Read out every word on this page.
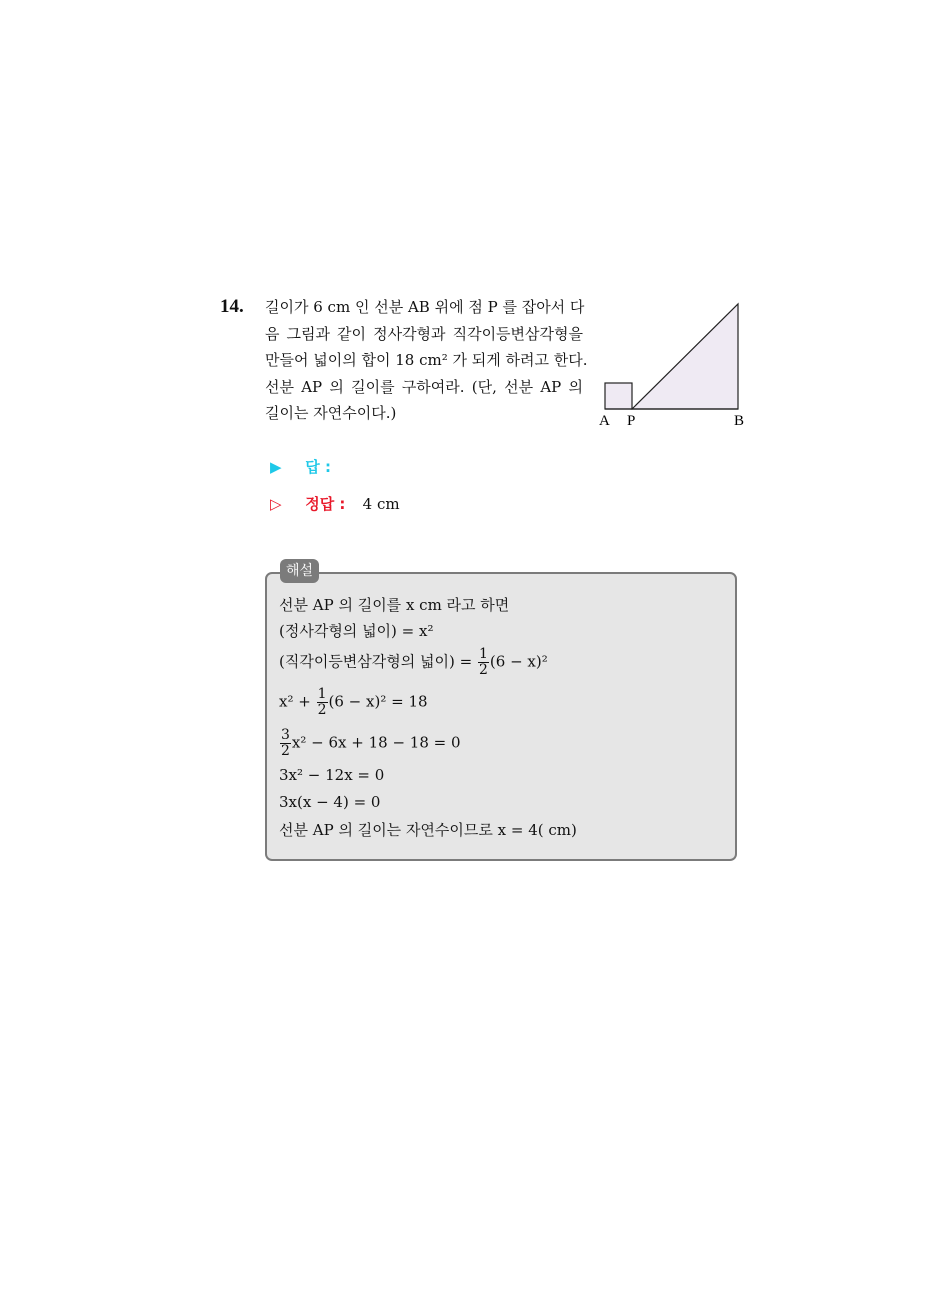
14. 길이가 6 cm 인 선분 AB 위에 점 P 를 잡아서 다
음 그림과 같이 정사각형과 직각이등변삼각형을
만들어 넓이의 합이 18 cm² 가 되게 하려고 한다.
선분 AP 의 길이를 구하여라. (단, 선분 AP 의
길이는 자연수이다.)	A P	B
▶ 답 :
▷ 정답 : 4 cm
해설
선분 AP 의 길이를 x cm 라고 하면
(정사각형의 넓이) = x²
(직각이등변삼각형의 넓이) = $\frac{1}{2} (6 - x)^2$
$x^2 + \frac{1}{2} (6 - x)^2 = 18$
$\frac{3}{2} x^2 - 6x + 18 - 18 = 0$
3x² − 12x = 0
3x(x − 4) = 0
선분 AP 의 길이는 자연수이므로 x = 4( cm)
